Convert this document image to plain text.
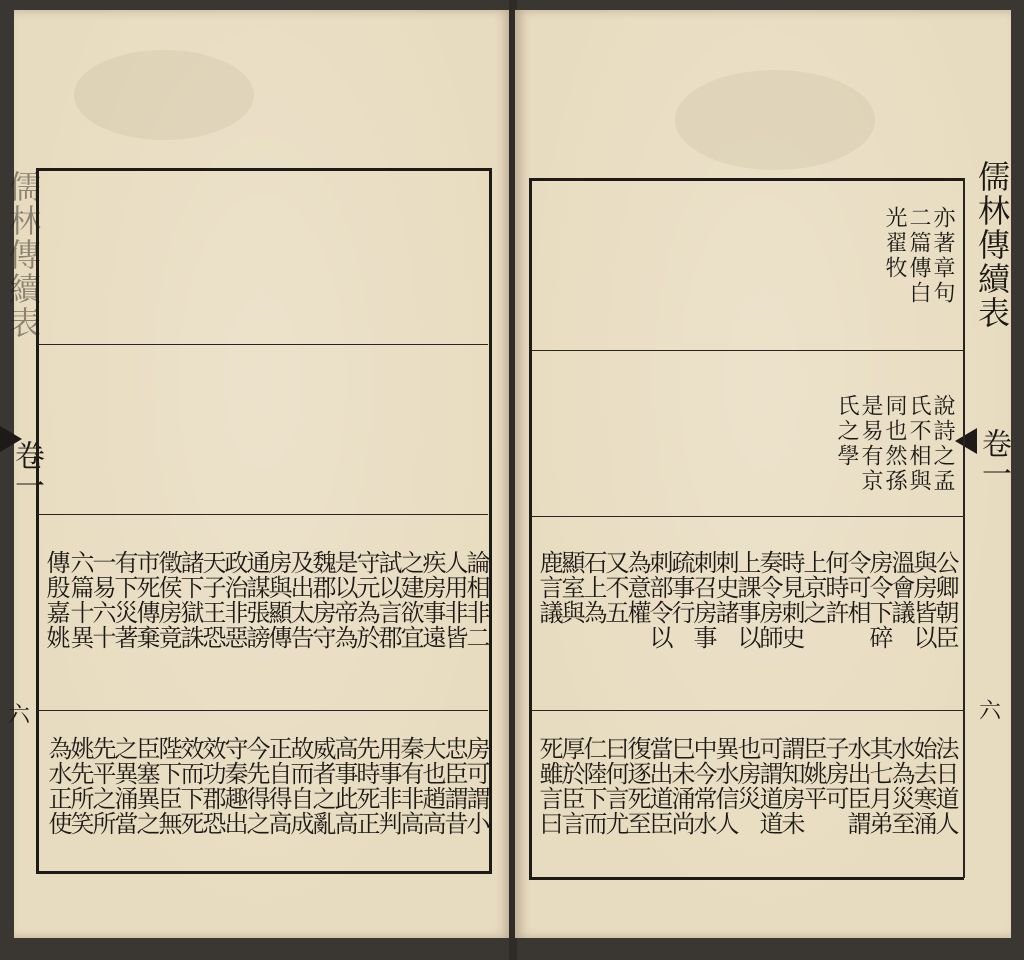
儒林傳續表
卷一
六
論相非二
人用非皆
疾房事遠
之建欲宜
試以言郡
守元為於
是以帝為
魏郡房守
及出太告
房與顯傳
通謀張謗
政治非惡
天子王恐
諸下獄誅
徵侯房竟
市死傳棄
有下災著
一易六十
六篇十異
傳殷嘉姚
房可謂小
忠臣謂昔
大也趙高
秦有非高
用事非判
先時死正
高事此高
威者之亂
故而自成
正自得高
今先得之
守秦趣出
效功郡恐
效而下死
陛下臣無
臣塞異之
之異涌當
先平之所
姚先所笑
為水正使
儒林傳續表
卷一
六
亦著章句
二篇傳白
光翟牧
說詩之孟
氏不相與
同也然孫
是易有京
氏之學
公卿朝臣
與房皆以
溫會議
房令下碎
令可相
何時許
上京之
時見刺史
奏令房師
上課事以
刺史諸
刺召房事
疏事行
刺部令以
為意權
又不五
石上為
顯室與
鹿言議
法日道人
始去寒涌
水為災至
其七月弟
水出臣謂
子房可
臣姚平
謂知房未
可謂道道
也房災
異水信人
中今常水
巳未涌尚
當出道臣
復逐死至
曰何言尤
仁陸下而
厚於臣言
死雖言曰
